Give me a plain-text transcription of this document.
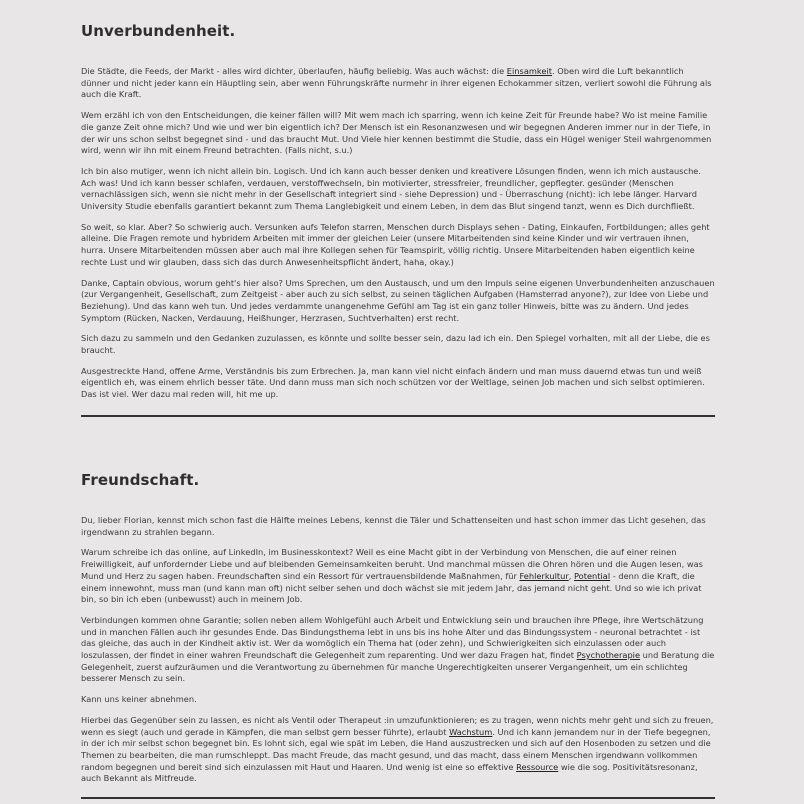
Unverbundenheit.

Die Städte, die Feeds, der Markt - alles wird dichter, überlaufen, häufig beliebig. Was auch wächst: die Einsamkeit. Oben wird die Luft bekanntlich dünner und nicht jeder kann ein Häuptling sein, aber wenn Führungskräfte nurmehr in ihrer eigenen Echokammer sitzen, verliert sowohl die Führung als auch die Kraft.

Wem erzähl ich von den Entscheidungen, die keiner fällen will? Mit wem mach ich sparring, wenn ich keine Zeit für Freunde habe? Wo ist meine Familie die ganze Zeit ohne mich? Und wie und wer bin eigentlich ich? Der Mensch ist ein Resonanzwesen und wir begegnen Anderen immer nur in der Tiefe, in der wir uns schon selbst begegnet sind - und das braucht Mut. Und Viele hier kennen bestimmt die Studie, dass ein Hügel weniger Steil wahrgenommen wird, wenn wir ihn mit einem Freund betrachten. (Falls nicht, s.u.)

Ich bin also mutiger, wenn ich nicht allein bin. Logisch. Und ich kann auch besser denken und kreativere Lösungen finden, wenn ich mich austausche. Ach was! Und ich kann besser schlafen, verdauen, verstoffwechseln, bin motivierter, stressfreier, freundlicher, gepflegter. gesünder (Menschen vernachlässigen sich, wenn sie nicht mehr in der Gesellschaft integriert sind - siehe Depression) und - Überraschung (nicht): ich lebe länger. Harvard University Studie ebenfalls garantiert bekannt zum Thema Langlebigkeit und einem Leben, in dem das Blut singend tanzt, wenn es Dich durchfließt.

So weit, so klar. Aber? So schwierig auch. Versunken aufs Telefon starren, Menschen durch Displays sehen - Dating, Einkaufen, Fortbildungen; alles geht alleine. Die Fragen remote und hybridem Arbeiten mit immer der gleichen Leier (unsere Mitarbeitenden sind keine Kinder und wir vertrauen ihnen, hurra. Unsere Mitarbeitenden müssen aber auch mal ihre Kollegen sehen für Teamspirit, völlig richtig. Unsere Mitarbeitenden haben eigentlich keine rechte Lust und wir glauben, dass sich das durch Anwesenheitspflicht ändert, haha, okay.)

Danke, Captain obvious, worum geht's hier also? Ums Sprechen, um den Austausch, und um den Impuls seine eigenen Unverbundenheiten anzuschauen (zur Vergangenheit, Gesellschaft, zum Zeitgeist - aber auch zu sich selbst, zu seinen täglichen Aufgaben (Hamsterrad anyone?), zur Idee von Liebe und Beziehung). Und das kann weh tun. Und jedes verdammte unangenehme Gefühl am Tag ist ein ganz toller Hinweis, bitte was zu ändern. Und jedes Symptom (Rücken, Nacken, Verdauung, Heißhunger, Herzrasen, Suchtverhalten) erst recht.

Sich dazu zu sammeln und den Gedanken zuzulassen, es könnte und sollte besser sein, dazu lad ich ein. Den Spiegel vorhalten, mit all der Liebe, die es braucht.

Ausgestreckte Hand, offene Arme, Verständnis bis zum Erbrechen. Ja, man kann viel nicht einfach ändern und man muss dauernd etwas tun und weiß eigentlich eh, was einem ehrlich besser täte. Und dann muss man sich noch schützen vor der Weltlage, seinen Job machen und sich selbst optimieren. Das ist viel. Wer dazu mal reden will, hit me up.

Freundschaft.

Du, lieber Florian, kennst mich schon fast die Hälfte meines Lebens, kennst die Täler und Schattenseiten und hast schon immer das Licht gesehen, das irgendwann zu strahlen begann.

Warum schreibe ich das online, auf LinkedIn, im Businesskontext? Weil es eine Macht gibt in der Verbindung von Menschen, die auf einer reinen Freiwilligkeit, auf unfordernder Liebe und auf bleibenden Gemeinsamkeiten beruht. Und manchmal müssen die Ohren hören und die Augen lesen, was Mund und Herz zu sagen haben. Freundschaften sind ein Ressort für vertrauensbildende Maßnahmen, für Fehlerkultur, Potential - denn die Kraft, die einem innewohnt, muss man (und kann man oft) nicht selber sehen und doch wächst sie mit jedem Jahr, das jemand nicht geht. Und so wie ich privat bin, so bin ich eben (unbewusst) auch in meinem Job.

Verbindungen kommen ohne Garantie; sollen neben allem Wohlgefühl auch Arbeit und Entwicklung sein und brauchen ihre Pflege, ihre Wertschätzung und in manchen Fällen auch ihr gesundes Ende. Das Bindungsthema lebt in uns bis ins hohe Alter und das Bindungssystem - neuronal betrachtet - ist das gleiche, das auch in der Kindheit aktiv ist. Wer da womöglich ein Thema hat (oder zehn), und Schwierigkeiten sich einzulassen oder auch loszulassen, der findet in einer wahren Freundschaft die Gelegenheit zum reparenting. Und wer dazu Fragen hat, findet Psychotherapie und Beratung die Gelegenheit, zuerst aufzuräumen und die Verantwortung zu übernehmen für manche Ungerechtigkeiten unserer Vergangenheit, um ein schlichteg besserer Mensch zu sein.

Kann uns keiner abnehmen.

Hierbei das Gegenüber sein zu lassen, es nicht als Ventil oder Therapeut :in umzufunktionieren; es zu tragen, wenn nichts mehr geht und sich zu freuen, wenn es siegt (auch und gerade in Kämpfen, die man selbst gern besser führte), erlaubt Wachstum. Und ich kann jemandem nur in der Tiefe begegnen, in der ich mir selbst schon begegnet bin. Es lohnt sich, egal wie spät im Leben, die Hand auszustrecken und sich auf den Hosenboden zu setzen und die Themen zu bearbeiten, die man rumschleppt. Das macht Freude, das macht gesund, und das macht, dass einem Menschen irgendwann vollkommen random begegnen und bereit sind sich einzulassen mit Haut und Haaren. Und wenig ist eine so effektive Ressource wie die sog. Positivitätsresonanz, auch Bekannt als Mitfreude.
